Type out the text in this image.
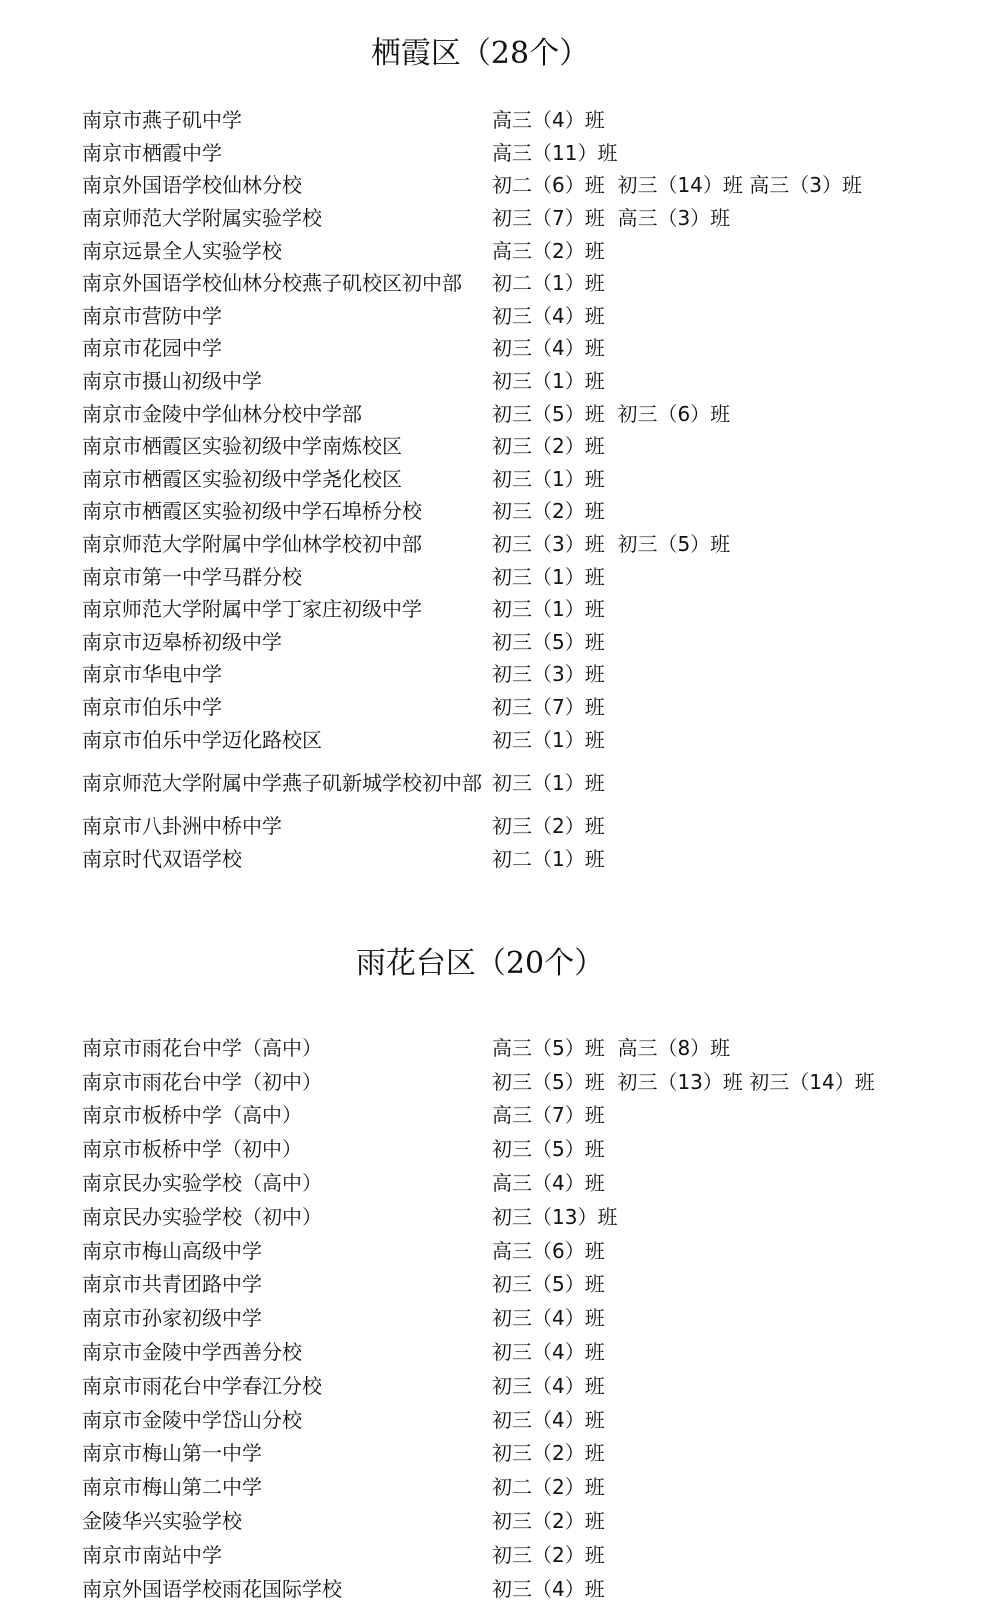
栖霞区（28个）
南京市燕子矶中学	高三（4）班
南京市栖霞中学	高三（11）班
南京外国语学校仙林分校	初二（6）班  初三（14）班 高三（3）班
南京师范大学附属实验学校	初三（7）班  高三（3）班
南京远景全人实验学校	高三（2）班
南京外国语学校仙林分校燕子矶校区初中部	初二（1）班
南京市营防中学	初三（4）班
南京市花园中学	初三（4）班
南京市摄山初级中学	初三（1）班
南京市金陵中学仙林分校中学部	初三（5）班  初三（6）班
南京市栖霞区实验初级中学南炼校区	初三（2）班
南京市栖霞区实验初级中学尧化校区	初三（1）班
南京市栖霞区实验初级中学石埠桥分校	初三（2）班
南京师范大学附属中学仙林学校初中部	初三（3）班  初三（5）班
南京市第一中学马群分校	初三（1）班
南京师范大学附属中学丁家庄初级中学	初三（1）班
南京市迈皋桥初级中学	初三（5）班
南京市华电中学	初三（3）班
南京市伯乐中学	初三（7）班
南京市伯乐中学迈化路校区	初三（1）班
南京师范大学附属中学燕子矶新城学校初中部 初三（1）班
南京市八卦洲中桥中学	初三（2）班
南京时代双语学校	初二（1）班
雨花台区（20个）
南京市雨花台中学（高中）	高三（5）班  高三（8）班
南京市雨花台中学（初中）	初三（5）班  初三（13）班 初三（14）班
南京市板桥中学（高中）	高三（7）班
南京市板桥中学（初中）	初三（5）班
南京民办实验学校（高中）	高三（4）班
南京民办实验学校（初中）	初三（13）班
南京市梅山高级中学	高三（6）班
南京市共青团路中学	初三（5）班
南京市孙家初级中学	初三（4）班
南京市金陵中学西善分校	初三（4）班
南京市雨花台中学春江分校	初三（4）班
南京市金陵中学岱山分校	初三（4）班
南京市梅山第一中学	初三（2）班
南京市梅山第二中学	初二（2）班
金陵华兴实验学校	初三（2）班
南京市南站中学	初三（2）班
南京外国语学校雨花国际学校	初三（4）班
